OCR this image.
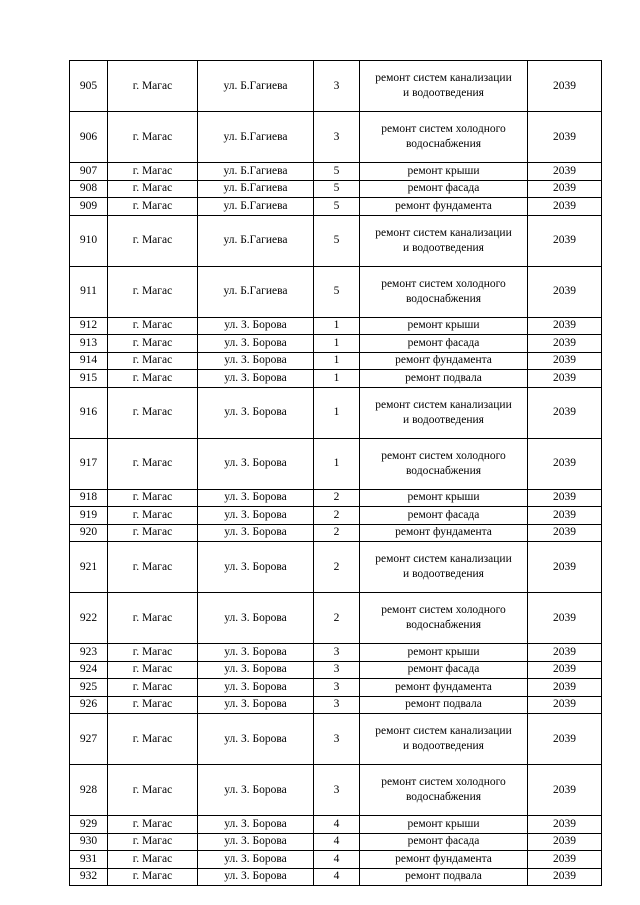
905	г. Магас	ул. Б.Гагиева	3	ремонт систем канализации
и водоотведения	2039
906	г. Магас	ул. Б.Гагиева	3	ремонт систем холодного
водоснабжения	2039
907	г. Магас	ул. Б.Гагиева	5	ремонт крыши	2039
908	г. Магас	ул. Б.Гагиева	5	ремонт фасада	2039
909	г. Магас	ул. Б.Гагиева	5	ремонт фундамента	2039
910	г. Магас	ул. Б.Гагиева	5	ремонт систем канализации
и водоотведения	2039
911	г. Магас	ул. Б.Гагиева	5	ремонт систем холодного
водоснабжения	2039
912	г. Магас	ул. З. Борова	1	ремонт крыши	2039
913	г. Магас	ул. З. Борова	1	ремонт фасада	2039
914	г. Магас	ул. З. Борова	1	ремонт фундамента	2039
915	г. Магас	ул. З. Борова	1	ремонт подвала	2039
916	г. Магас	ул. З. Борова	1	ремонт систем канализации
и водоотведения	2039
917	г. Магас	ул. З. Борова	1	ремонт систем холодного
водоснабжения	2039
918	г. Магас	ул. З. Борова	2	ремонт крыши	2039
919	г. Магас	ул. З. Борова	2	ремонт фасада	2039
920	г. Магас	ул. З. Борова	2	ремонт фундамента	2039
921	г. Магас	ул. З. Борова	2	ремонт систем канализации
и водоотведения	2039
922	г. Магас	ул. З. Борова	2	ремонт систем холодного
водоснабжения	2039
923	г. Магас	ул. З. Борова	3	ремонт крыши	2039
924	г. Магас	ул. З. Борова	3	ремонт фасада	2039
925	г. Магас	ул. З. Борова	3	ремонт фундамента	2039
926	г. Магас	ул. З. Борова	3	ремонт подвала	2039
927	г. Магас	ул. З. Борова	3	ремонт систем канализации
и водоотведения	2039
928	г. Магас	ул. З. Борова	3	ремонт систем холодного
водоснабжения	2039
929	г. Магас	ул. З. Борова	4	ремонт крыши	2039
930	г. Магас	ул. З. Борова	4	ремонт фасада	2039
931	г. Магас	ул. З. Борова	4	ремонт фундамента	2039
932	г. Магас	ул. З. Борова	4	ремонт подвала	2039
